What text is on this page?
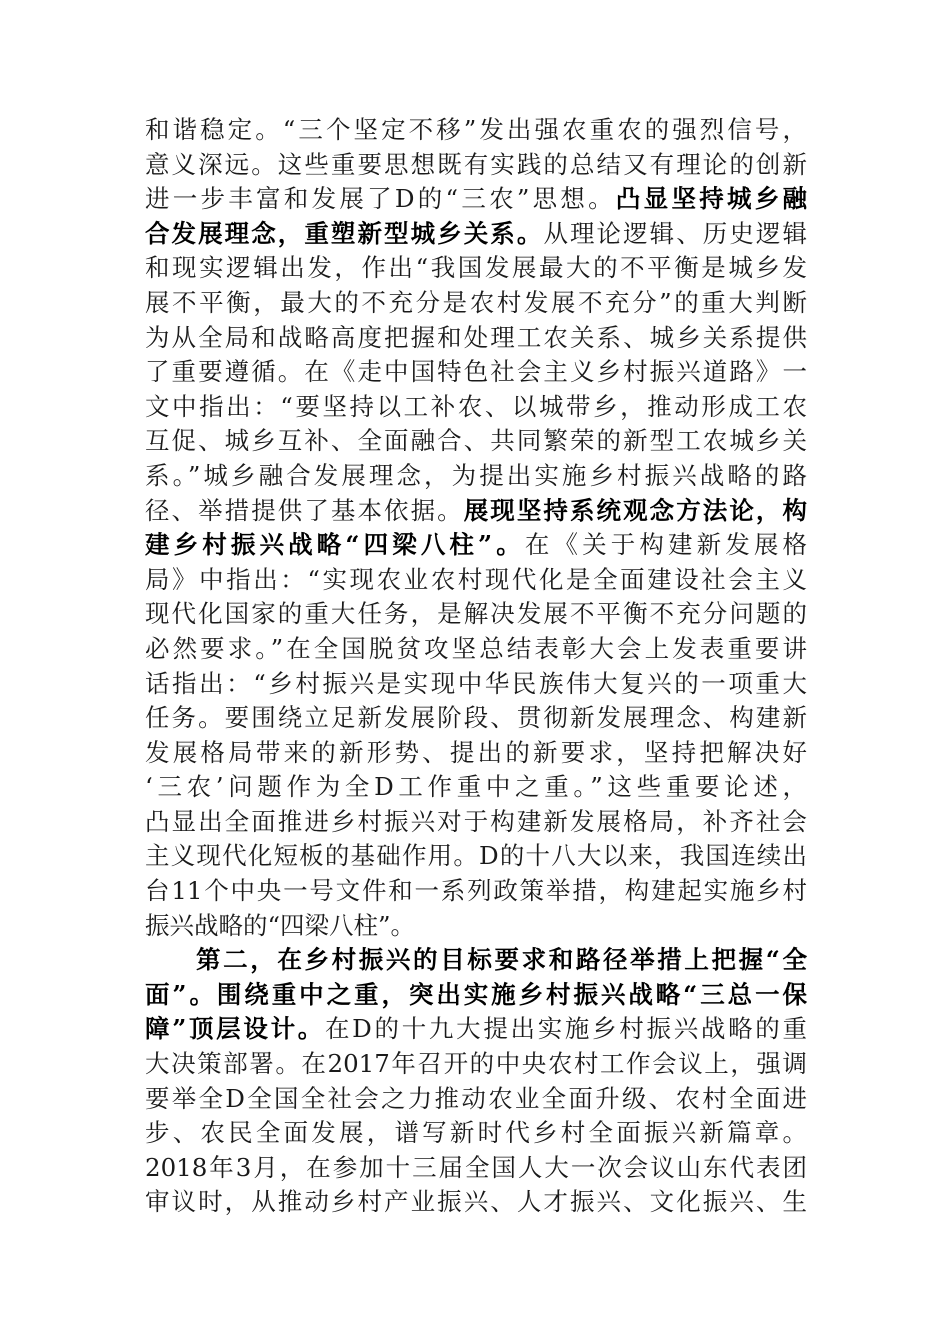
和谐稳定。“三个坚定不移”发出强农重农的强烈信号，
意义深远。这些重要思想既有实践的总结又有理论的创新
进一步丰富和发展了D的“三农”思想。凸显坚持城乡融
合发展理念，重塑新型城乡关系。从理论逻辑、历史逻辑
和现实逻辑出发，作出“我国发展最大的不平衡是城乡发
展不平衡，最大的不充分是农村发展不充分”的重大判断
为从全局和战略高度把握和处理工农关系、城乡关系提供
了重要遵循。在《走中国特色社会主义乡村振兴道路》一
文中指出：“要坚持以工补农、以城带乡，推动形成工农
互促、城乡互补、全面融合、共同繁荣的新型工农城乡关
系。”城乡融合发展理念，为提出实施乡村振兴战略的路
径、举措提供了基本依据。展现坚持系统观念方法论，构
建乡村振兴战略“四梁八柱”。在《关于构建新发展格
局》中指出：“实现农业农村现代化是全面建设社会主义
现代化国家的重大任务，是解决发展不平衡不充分问题的
必然要求。”在全国脱贫攻坚总结表彰大会上发表重要讲
话指出：“乡村振兴是实现中华民族伟大复兴的一项重大
任务。要围绕立足新发展阶段、贯彻新发展理念、构建新
发展格局带来的新形势、提出的新要求，坚持把解决好
‘三农’问题作为全D工作重中之重。”这些重要论述，
凸显出全面推进乡村振兴对于构建新发展格局，补齐社会
主义现代化短板的基础作用。D的十八大以来，我国连续出
台11个中央一号文件和一系列政策举措，构建起实施乡村
振兴战略的“四梁八柱”。
第二，在乡村振兴的目标要求和路径举措上把握“全
面”。围绕重中之重，突出实施乡村振兴战略“三总一保
障”顶层设计。在D的十九大提出实施乡村振兴战略的重
大决策部署。在2017年召开的中央农村工作会议上，强调
要举全D全国全社会之力推动农业全面升级、农村全面进
步、农民全面发展，谱写新时代乡村全面振兴新篇章。
2018年3月，在参加十三届全国人大一次会议山东代表团
审议时，从推动乡村产业振兴、人才振兴、文化振兴、生
